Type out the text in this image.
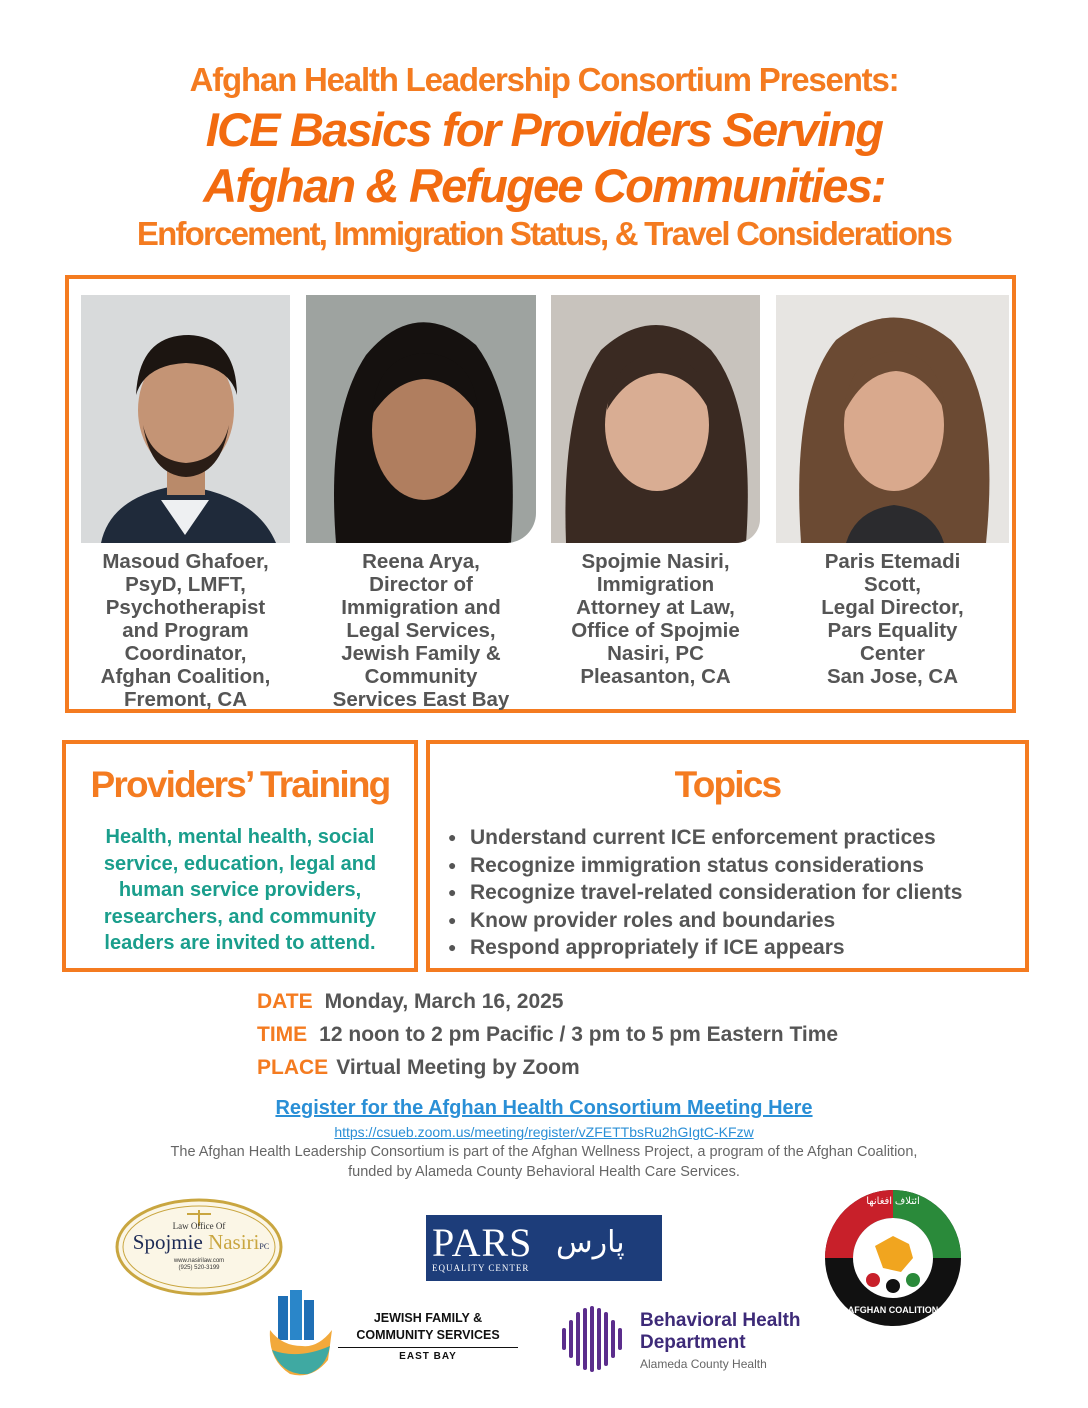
Afghan Health Leadership Consortium Presents:
ICE Basics for Providers Serving
Afghan & Refugee Communities:
Enforcement, Immigration Status, & Travel Considerations
Masoud Ghafoer,
PsyD, LMFT,
Psychotherapist
and Program
Coordinator,
Afghan Coalition,
Fremont, CA
Reena Arya,
Director of
Immigration and
Legal Services,
Jewish Family &
Community
Services East Bay
Spojmie Nasiri,
Immigration
Attorney at Law,
Office of Spojmie
Nasiri, PC
Pleasanton, CA
Paris Etemadi
Scott,
Legal Director,
Pars Equality
Center
San Jose, CA
Providers’ Training
Health, mental health, social
service, education, legal and
human service providers,
researchers, and community
leaders are invited to attend.
Topics
● Understand current ICE enforcement practices
● Recognize immigration status considerations
● Recognize travel-related consideration for clients
● Know provider roles and boundaries
● Respond appropriately if ICE appears
DATE Monday, March 16, 2025
TIME 12 noon to 2 pm Pacific / 3 pm to 5 pm Eastern Time
PLACE Virtual Meeting by Zoom
Register for the Afghan Health Consortium Meeting Here
https://csueb.zoom.us/meeting/register/vZFETTbsRu2hGIgtC-KFzw
The Afghan Health Leadership Consortium is part of the Afghan Wellness Project, a program of the Afghan Coalition,
funded by Alameda County Behavioral Health Care Services.
Law Office Of
Spojmie NasiriPC
www.nasirilaw.com
(925) 520-3199
PARS
EQUALITY CENTER
پارس
AFGHAN COALITION
ائتلاف افغانها
JEWISH FAMILY &
COMMUNITY SERVICES
EAST BAY
Behavioral Health
Department
Alameda County Health
